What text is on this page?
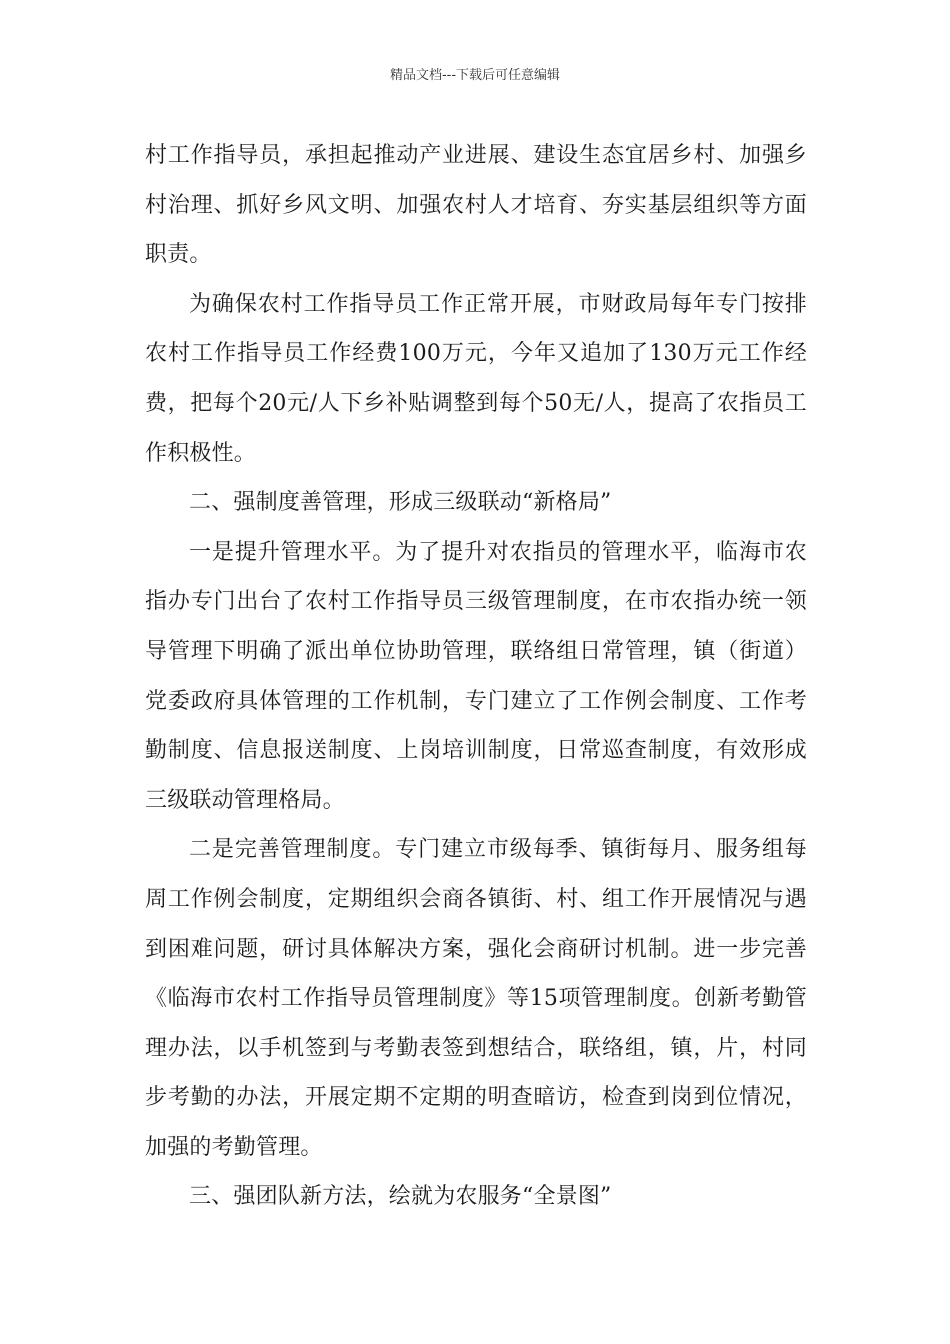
精品文档---下载后可任意编辑

村工作指导员，承担起推动产业进展、建设生态宜居乡村、加强乡村治理、抓好乡风文明、加强农村人才培育、夯实基层组织等方面职责。

为确保农村工作指导员工作正常开展，市财政局每年专门按排农村工作指导员工作经费100万元，今年又追加了130万元工作经费，把每个20元/人下乡补贴调整到每个50无/人，提高了农指员工作积极性。

二、强制度善管理，形成三级联动“新格局”

一是提升管理水平。为了提升对农指员的管理水平，临海市农指办专门出台了农村工作指导员三级管理制度，在市农指办统一领导管理下明确了派出单位协助管理，联络组日常管理，镇（街道）党委政府具体管理的工作机制，专门建立了工作例会制度、工作考勤制度、信息报送制度、上岗培训制度，日常巡查制度，有效形成三级联动管理格局。

二是完善管理制度。专门建立市级每季、镇街每月、服务组每周工作例会制度，定期组织会商各镇街、村、组工作开展情况与遇到困难问题，研讨具体解决方案，强化会商研讨机制。进一步完善《临海市农村工作指导员管理制度》等15项管理制度。创新考勤管理办法，以手机签到与考勤表签到想结合，联络组，镇，片，村同步考勤的办法，开展定期不定期的明查暗访，检查到岗到位情况，加强的考勤管理。

三、强团队新方法，绘就为农服务“全景图”
